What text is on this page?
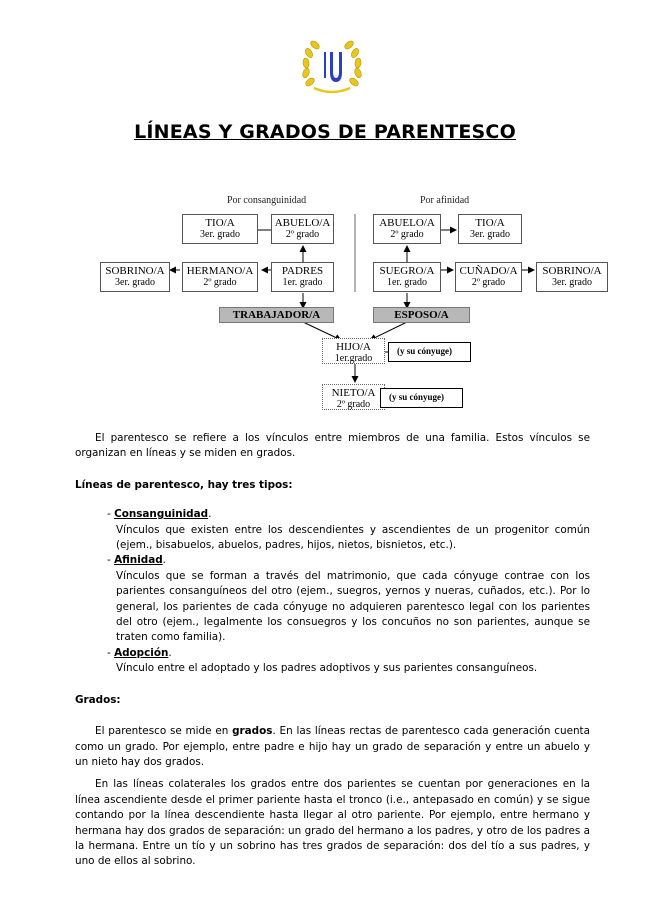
LÍNEAS Y GRADOS DE PARENTESCO
Por consanguinidad	Por afinidad
TIO/A
3er. grado
ABUELO/A
2º grado
SOBRINO/A
3er. grado
HERMANO/A
2º grado
PADRES
1er. grado
ABUELO/A
2º grado
TIO/A
3er. grado
SUEGRO/A
1er. grado
CUÑADO/A
2º grado
SOBRINO/A
3er. grado
TRABAJADOR/A	ESPOSO/A
HIJO/A
1er.grado
(y su cónyuge)
NIETO/A
2º grado
(y su cónyuge)

El parentesco se refiere a los vínculos entre miembros de una familia. Estos vínculos se organizan en líneas y se miden en grados.

Líneas de parentesco, hay tres tipos:

- Consanguinidad.
Vínculos que existen entre los descendientes y ascendientes de un progenitor común (ejem., bisabuelos, abuelos, padres, hijos, nietos, bisnietos, etc.).
- Afinidad.
Vínculos que se forman a través del matrimonio, que cada cónyuge contrae con los parientes consanguíneos del otro (ejem., suegros, yernos y nueras, cuñados, etc.). Por lo general, los parientes de cada cónyuge no adquieren parentesco legal con los parientes del otro (ejem., legalmente los consuegros y los concuños no son parientes, aunque se traten como familia).
- Adopción.
Vínculo entre el adoptado y los padres adoptivos y sus parientes consanguíneos.

Grados:

El parentesco se mide en grados. En las líneas rectas de parentesco cada generación cuenta como un grado. Por ejemplo, entre padre e hijo hay un grado de separación y entre un abuelo y un nieto hay dos grados.

En las líneas colaterales los grados entre dos parientes se cuentan por generaciones en la línea ascendiente desde el primer pariente hasta el tronco (i.e., antepasado en común) y se sigue contando por la línea descendiente hasta llegar al otro pariente. Por ejemplo, entre hermano y hermana hay dos grados de separación: un grado del hermano a los padres, y otro de los padres a la hermana. Entre un tío y un sobrino has tres grados de separación: dos del tío a sus padres, y uno de ellos al sobrino.
